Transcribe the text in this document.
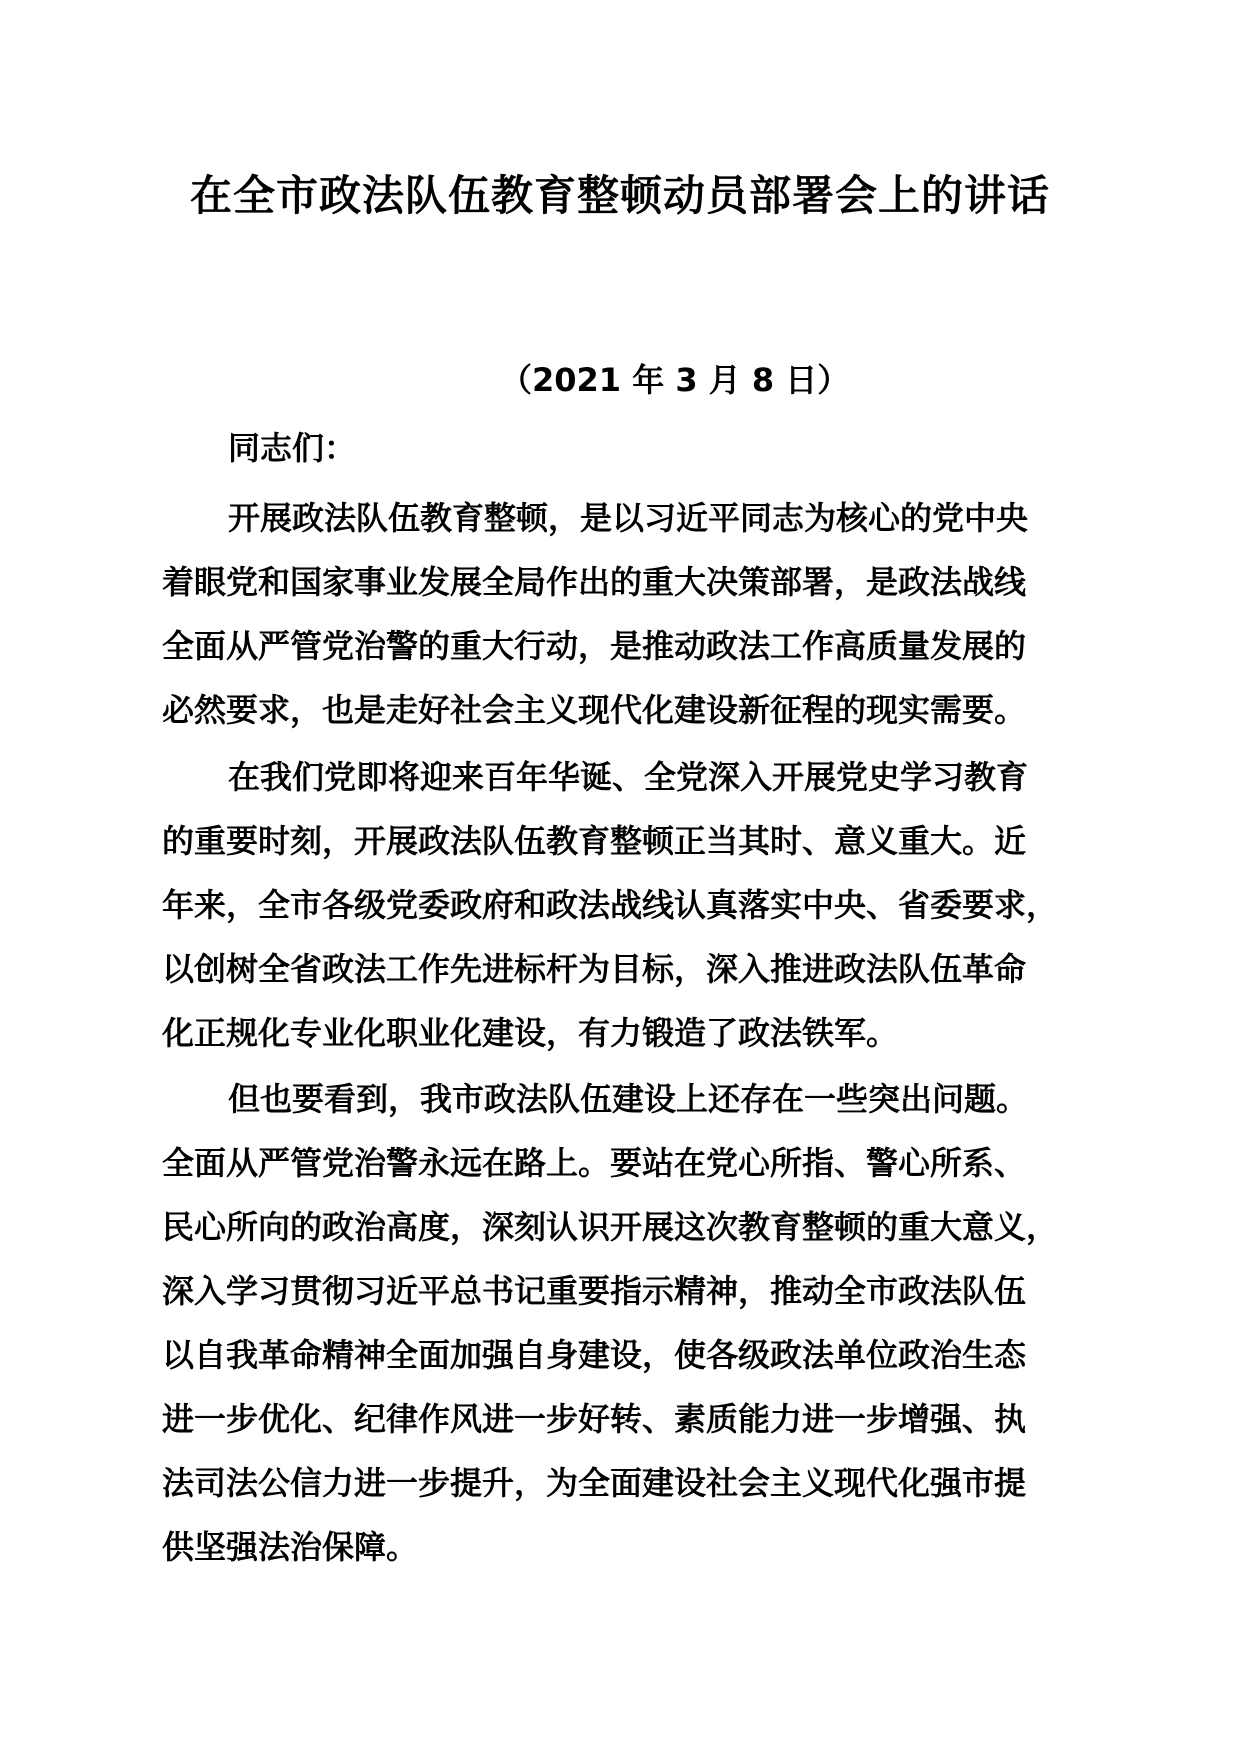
在全市政法队伍教育整顿动员部署会上的讲话
（2021 年 3 月 8 日）
同志们：
开展政法队伍教育整顿，是以习近平同志为核心的党中央
着眼党和国家事业发展全局作出的重大决策部署，是政法战线
全面从严管党治警的重大行动，是推动政法工作高质量发展的
必然要求，也是走好社会主义现代化建设新征程的现实需要。
在我们党即将迎来百年华诞、全党深入开展党史学习教育
的重要时刻，开展政法队伍教育整顿正当其时、意义重大。近
年来，全市各级党委政府和政法战线认真落实中央、省委要求，
以创树全省政法工作先进标杆为目标，深入推进政法队伍革命
化正规化专业化职业化建设，有力锻造了政法铁军。
但也要看到，我市政法队伍建设上还存在一些突出问题。
全面从严管党治警永远在路上。要站在党心所指、警心所系、
民心所向的政治高度，深刻认识开展这次教育整顿的重大意义，
深入学习贯彻习近平总书记重要指示精神，推动全市政法队伍
以自我革命精神全面加强自身建设，使各级政法单位政治生态
进一步优化、纪律作风进一步好转、素质能力进一步增强、执
法司法公信力进一步提升，为全面建设社会主义现代化强市提
供坚强法治保障。
